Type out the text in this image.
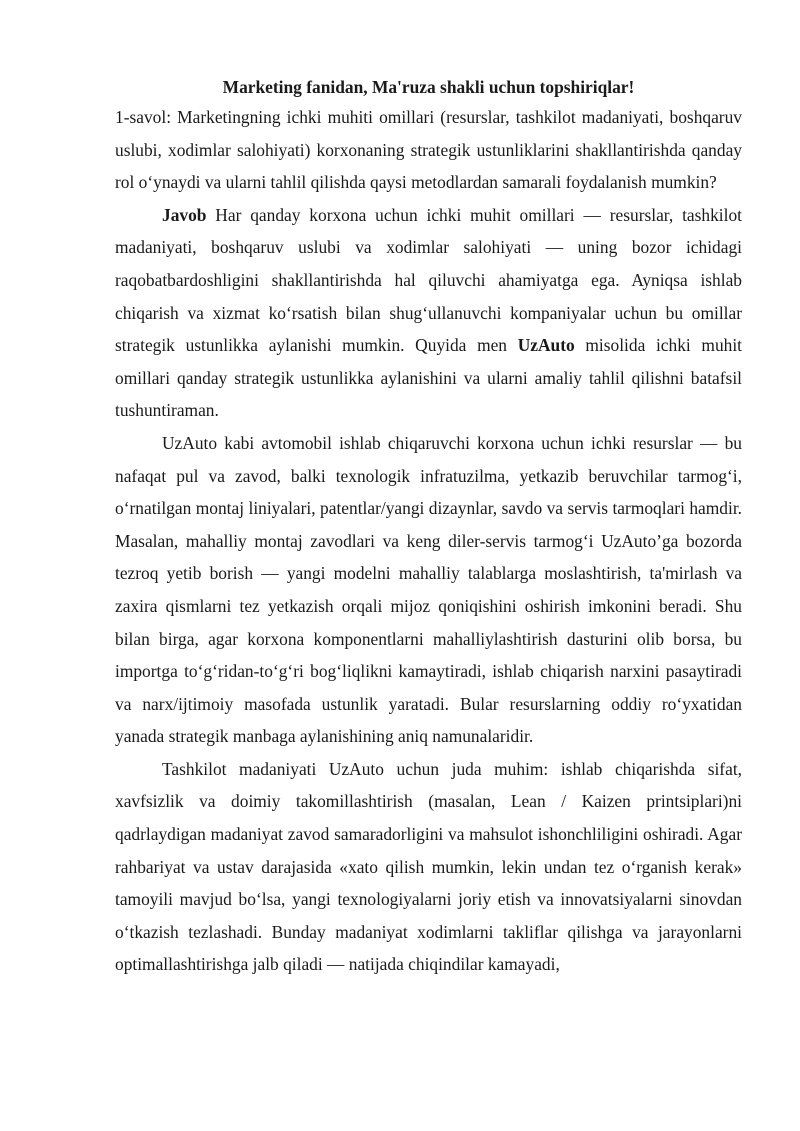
Marketing fanidan, Ma'ruza shakli uchun topshiriqlar!

1-savol: Marketingning ichki muhiti omillari (resurslar, tashkilot madaniyati, boshqaruv uslubi, xodimlar salohiyati) korxonaning strategik ustunliklarini shakllantirishda qanday rol o‘ynaydi va ularni tahlil qilishda qaysi metodlardan samarali foydalanish mumkin?

Javob Har qanday korxona uchun ichki muhit omillari — resurslar, tashkilot madaniyati, boshqaruv uslubi va xodimlar salohiyati — uning bozor ichidagi raqobatbardoshligini shakllantirishda hal qiluvchi ahamiyatga ega. Ayniqsa ishlab chiqarish va xizmat ko‘rsatish bilan shug‘ullanuvchi kompaniyalar uchun bu omillar strategik ustunlikka aylanishi mumkin. Quyida men UzAuto misolida ichki muhit omillari qanday strategik ustunlikka aylanishini va ularni amaliy tahlil qilishni batafsil tushuntiraman.

UzAuto kabi avtomobil ishlab chiqaruvchi korxona uchun ichki resurslar — bu nafaqat pul va zavod, balki texnologik infratuzilma, yetkazib beruvchilar tarmog‘i, o‘rnatilgan montaj liniyalari, patentlar/yangi dizaynlar, savdo va servis tarmoqlari hamdir. Masalan, mahalliy montaj zavodlari va keng diler-servis tarmog‘i UzAuto’ga bozorda tezroq yetib borish — yangi modelni mahalliy talablarga moslashtirish, ta'mirlash va zaxira qismlarni tez yetkazish orqali mijoz qoniqishini oshirish imkonini beradi. Shu bilan birga, agar korxona komponentlarni mahalliylashtirish dasturini olib borsa, bu importga to‘g‘ridan-to‘g‘ri bog‘liqlikni kamaytiradi, ishlab chiqarish narxini pasaytiradi va narx/ijtimoiy masofada ustunlik yaratadi. Bular resurslarning oddiy ro‘yxatidan yanada strategik manbaga aylanishining aniq namunalaridir.

Tashkilot madaniyati UzAuto uchun juda muhim: ishlab chiqarishda sifat, xavfsizlik va doimiy takomillashtirish (masalan, Lean / Kaizen printsiplari)ni qadrlaydigan madaniyat zavod samaradorligini va mahsulot ishonchliligini oshiradi. Agar rahbariyat va ustav darajasida «xato qilish mumkin, lekin undan tez o‘rganish kerak» tamoyili mavjud bo‘lsa, yangi texnologiyalarni joriy etish va innovatsiyalarni sinovdan o‘tkazish tezlashadi. Bunday madaniyat xodimlarni takliflar qilishga va jarayonlarni optimallashtirishga jalb qiladi — natijada chiqindilar kamayadi,
